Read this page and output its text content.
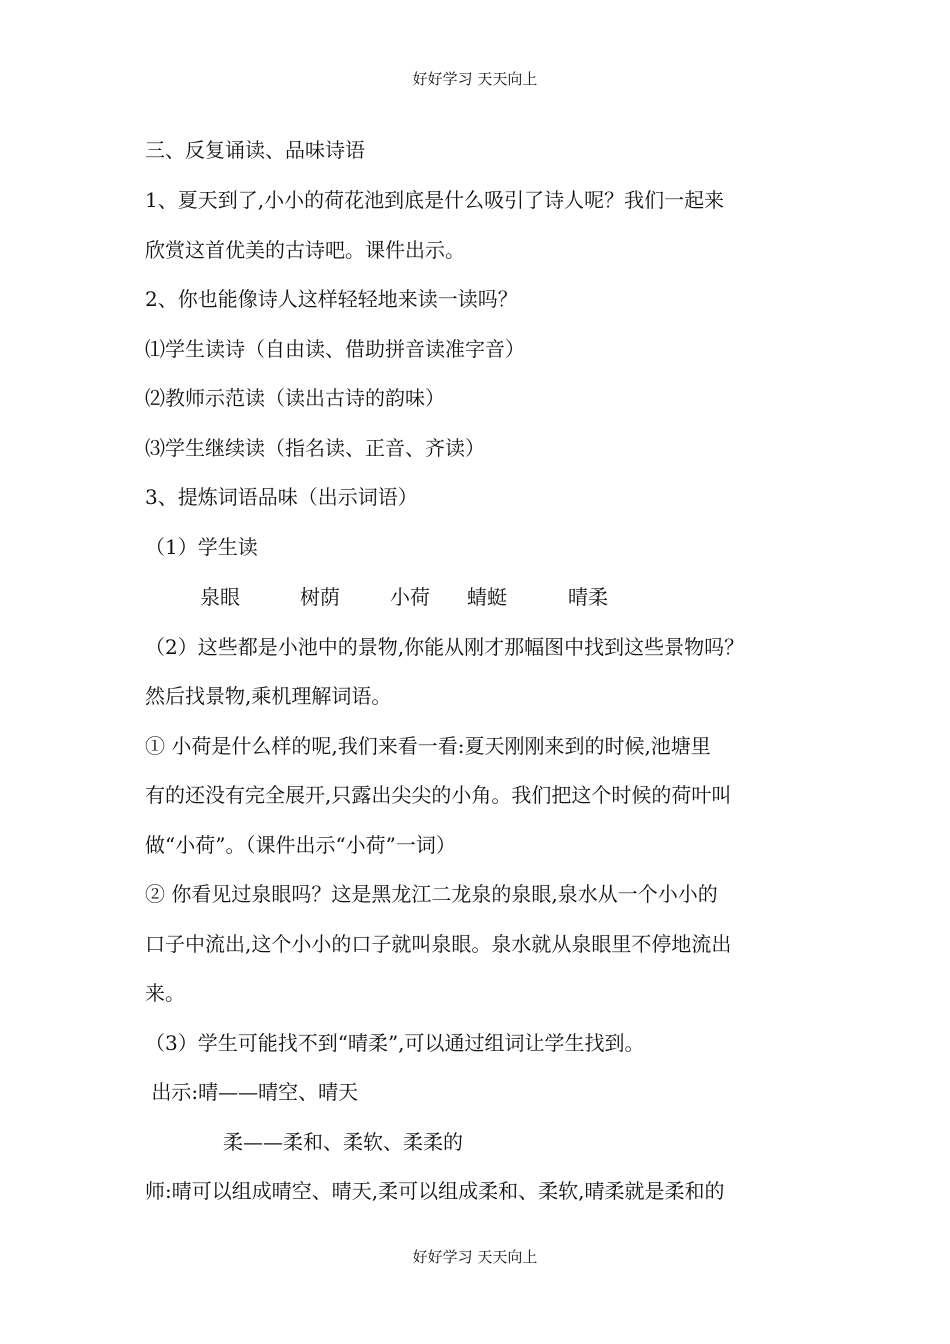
好好学习 天天向上
三、反复诵读、品味诗语
1、夏天到了,小小的荷花池到底是什么吸引了诗人呢？我们一起来
欣赏这首优美的古诗吧。课件出示。
2、你也能像诗人这样轻轻地来读一读吗？
⑴学生读诗（自由读、借助拼音读准字音）
⑵教师示范读（读出古诗的韵味）
⑶学生继续读（指名读、正音、齐读）
3、提炼词语品味（出示词语）
（1）学生读
泉眼	树荫	小荷 蜻蜓	晴柔
（2）这些都是小池中的景物,你能从刚才那幅图中找到这些景物吗？
然后找景物,乘机理解词语。
① 小荷是什么样的呢,我们来看一看:夏天刚刚来到的时候,池塘里
有的还没有完全展开,只露出尖尖的小角。我们把这个时候的荷叶叫
做“小荷”。（课件出示“小荷”一词）
② 你看见过泉眼吗？这是黑龙江二龙泉的泉眼,泉水从一个小小的
口子中流出,这个小小的口子就叫泉眼。泉水就从泉眼里不停地流出
来。
（3）学生可能找不到“晴柔”,可以通过组词让学生找到。
出示:晴——晴空、晴天
柔——柔和、柔软、柔柔的
师:晴可以组成晴空、晴天,柔可以组成柔和、柔软,晴柔就是柔和的
好好学习 天天向上
